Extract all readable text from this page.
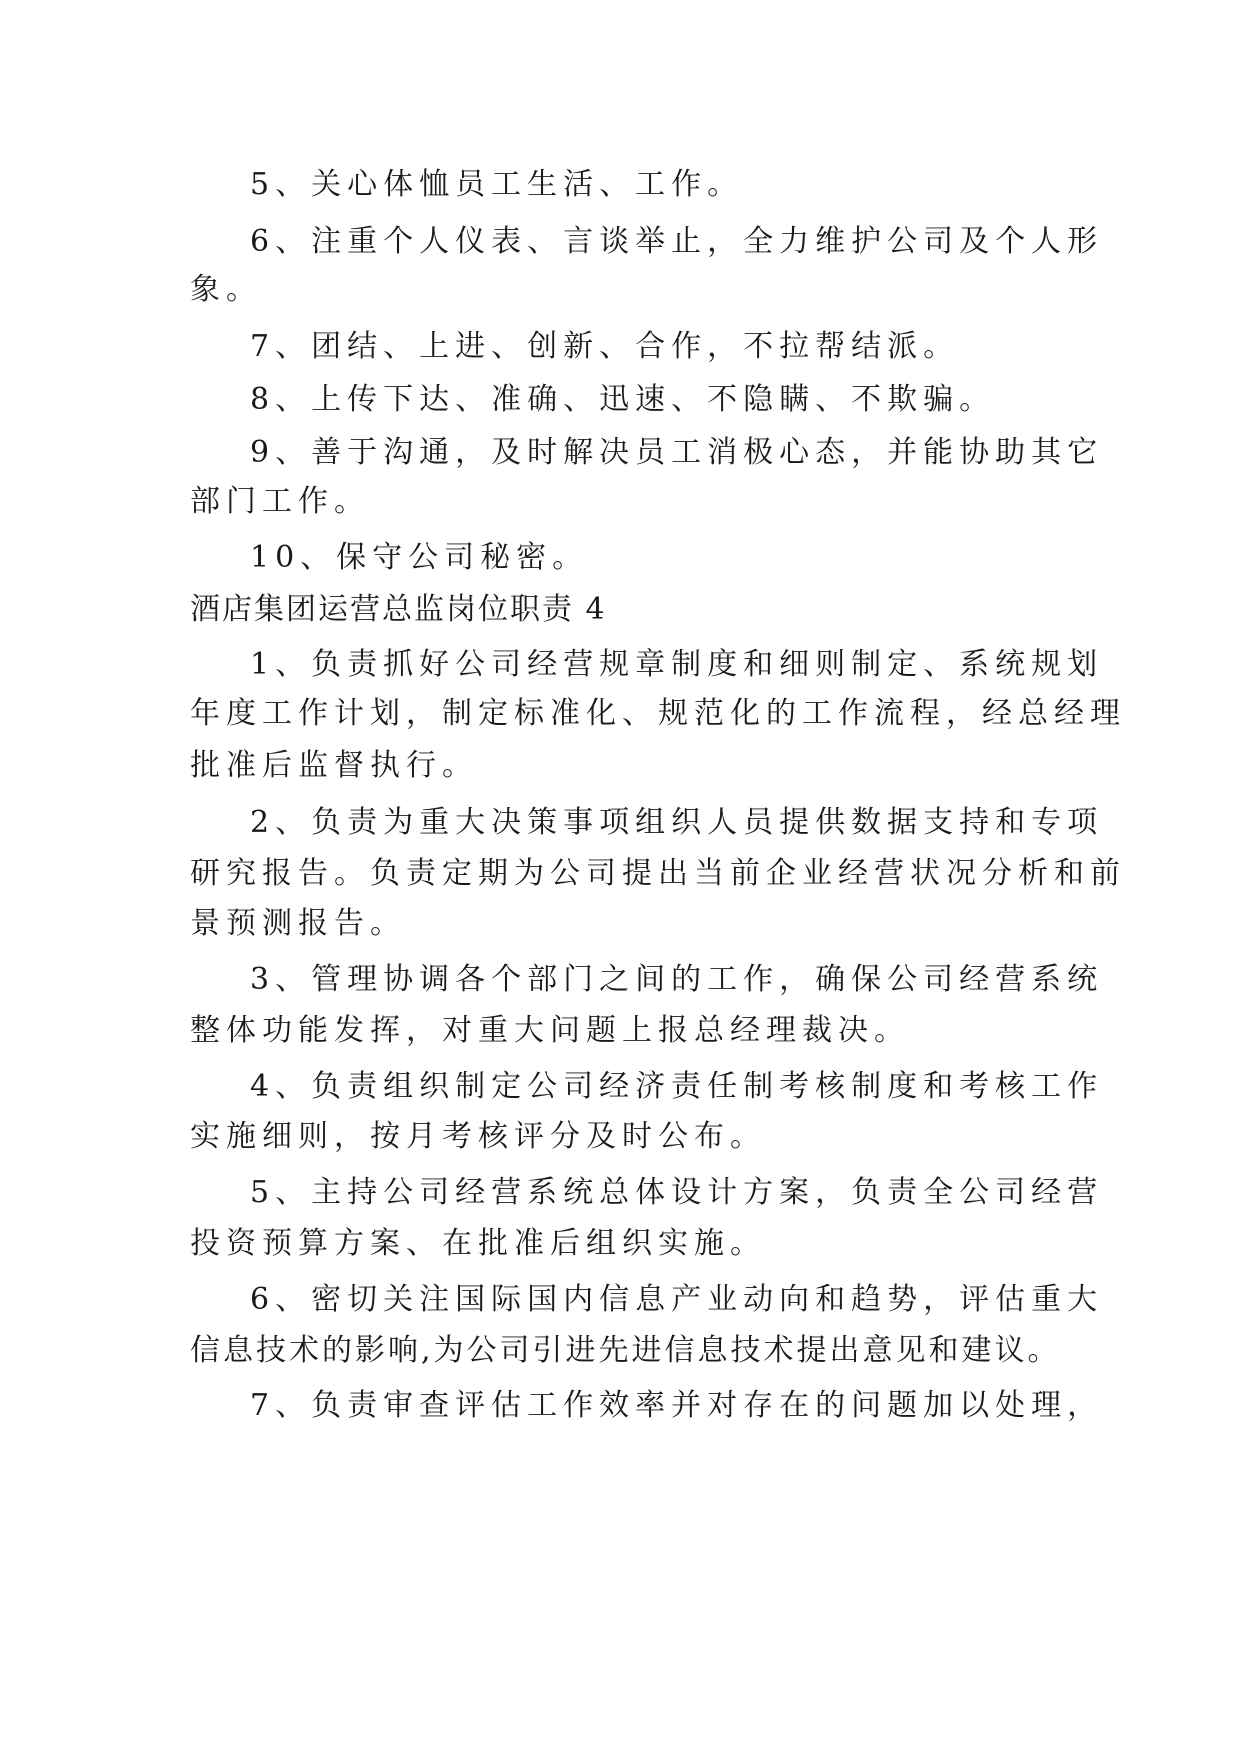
5、关心体恤员工生活、工作。
6、注重个人仪表、言谈举止，全力维护公司及个人形
象。
7、团结、上进、创新、合作，不拉帮结派。
8、上传下达、准确、迅速、不隐瞒、不欺骗。
9、善于沟通，及时解决员工消极心态，并能协助其它
部门工作。
10、保守公司秘密。
酒店集团运营总监岗位职责 4
1、负责抓好公司经营规章制度和细则制定、系统规划
年度工作计划，制定标准化、规范化的工作流程，经总经理
批准后监督执行。
2、负责为重大决策事项组织人员提供数据支持和专项
研究报告。负责定期为公司提出当前企业经营状况分析和前
景预测报告。
3、管理协调各个部门之间的工作，确保公司经营系统
整体功能发挥，对重大问题上报总经理裁决。
4、负责组织制定公司经济责任制考核制度和考核工作
实施细则，按月考核评分及时公布。
5、主持公司经营系统总体设计方案，负责全公司经营
投资预算方案、在批准后组织实施。
6、密切关注国际国内信息产业动向和趋势，评估重大
信息技术的影响,为公司引进先进信息技术提出意见和建议。
7、负责审查评估工作效率并对存在的问题加以处理，
